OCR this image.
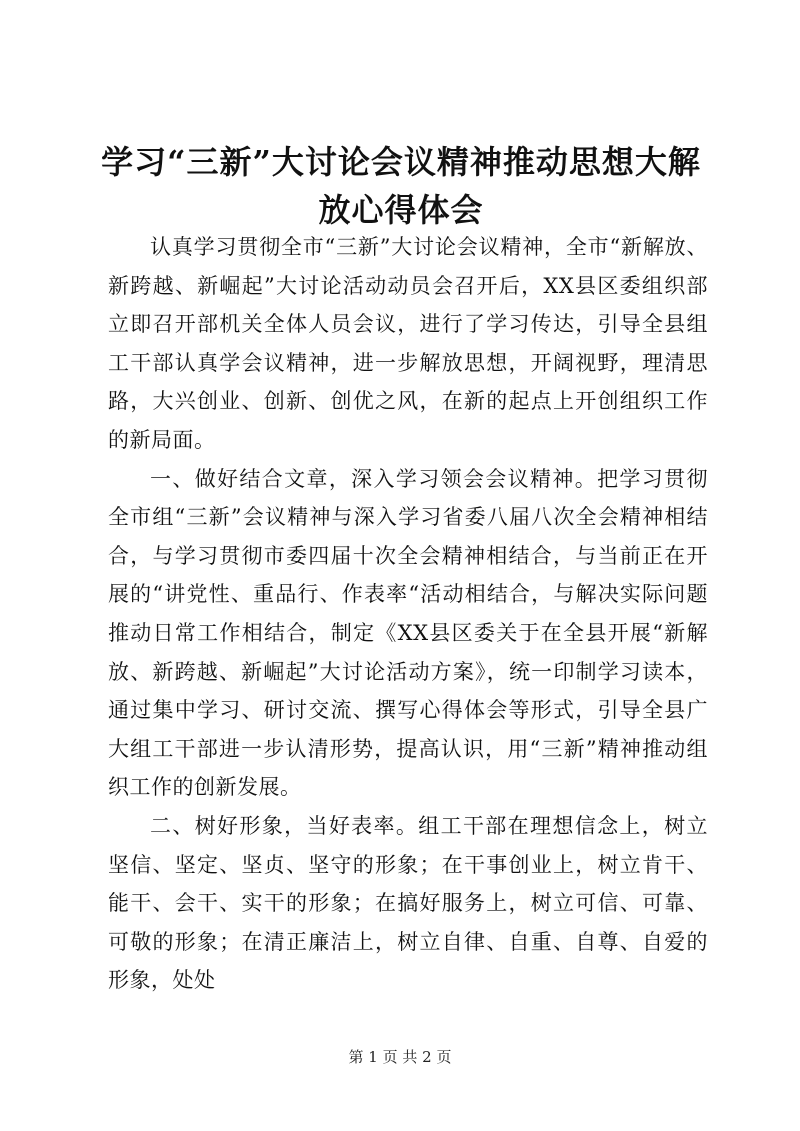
学习“三新”大讨论会议精神推动思想大解放心得体会

认真学习贯彻全市“三新”大讨论会议精神，全市“新解放、新跨越、新崛起”大讨论活动动员会召开后，XX县区委组织部立即召开部机关全体人员会议，进行了学习传达，引导全县组工干部认真学会议精神，进一步解放思想，开阔视野，理清思路，大兴创业、创新、创优之风，在新的起点上开创组织工作的新局面。

一、做好结合文章，深入学习领会会议精神。把学习贯彻全市组“三新”会议精神与深入学习省委八届八次全会精神相结合，与学习贯彻市委四届十次全会精神相结合，与当前正在开展的“讲党性、重品行、作表率“活动相结合，与解决实际问题推动日常工作相结合，制定《XX县区委关于在全县开展“新解放、新跨越、新崛起”大讨论活动方案》，统一印制学习读本，通过集中学习、研讨交流、撰写心得体会等形式，引导全县广大组工干部进一步认清形势，提高认识，用“三新”精神推动组织工作的创新发展。

二、树好形象，当好表率。组工干部在理想信念上，树立坚信、坚定、坚贞、坚守的形象；在干事创业上，树立肯干、能干、会干、实干的形象；在搞好服务上，树立可信、可靠、可敬的形象；在清正廉洁上，树立自律、自重、自尊、自爱的形象，处处

第 1 页 共 2 页
